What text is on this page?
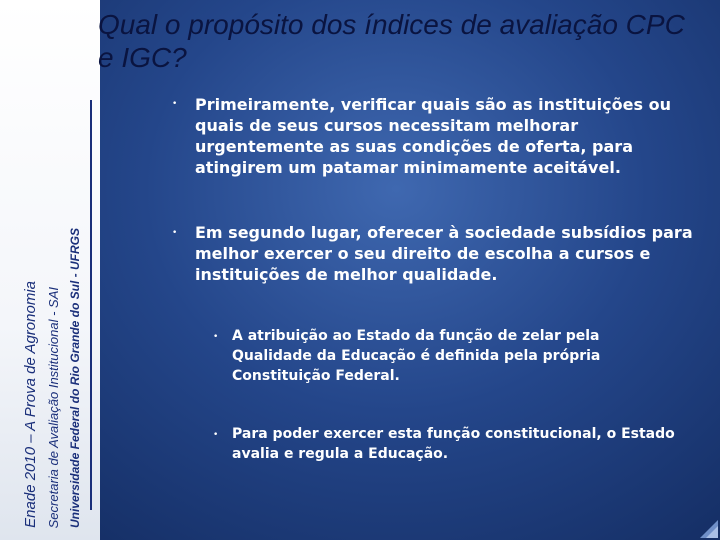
Enade 2010 – A Prova de Agronomia Secretaria de Avaliação Institucional - SAI Universidade Federal do Rio Grande do Sul - UFRGS
Qual o propósito dos índices de avaliação CPC e IGC?
• Primeiramente, verificar quais são as instituições ou quais de seus cursos necessitam melhorar urgentemente as suas condições de oferta, para atingirem um patamar minimamente aceitável.
• Em segundo lugar, oferecer à sociedade subsídios para melhor exercer o seu direito de escolha a cursos e instituições de melhor qualidade.
• A atribuição ao Estado da função de zelar pela Qualidade da Educação é definida pela própria Constituição Federal.
• Para poder exercer esta função constitucional, o Estado avalia e regula a Educação.
